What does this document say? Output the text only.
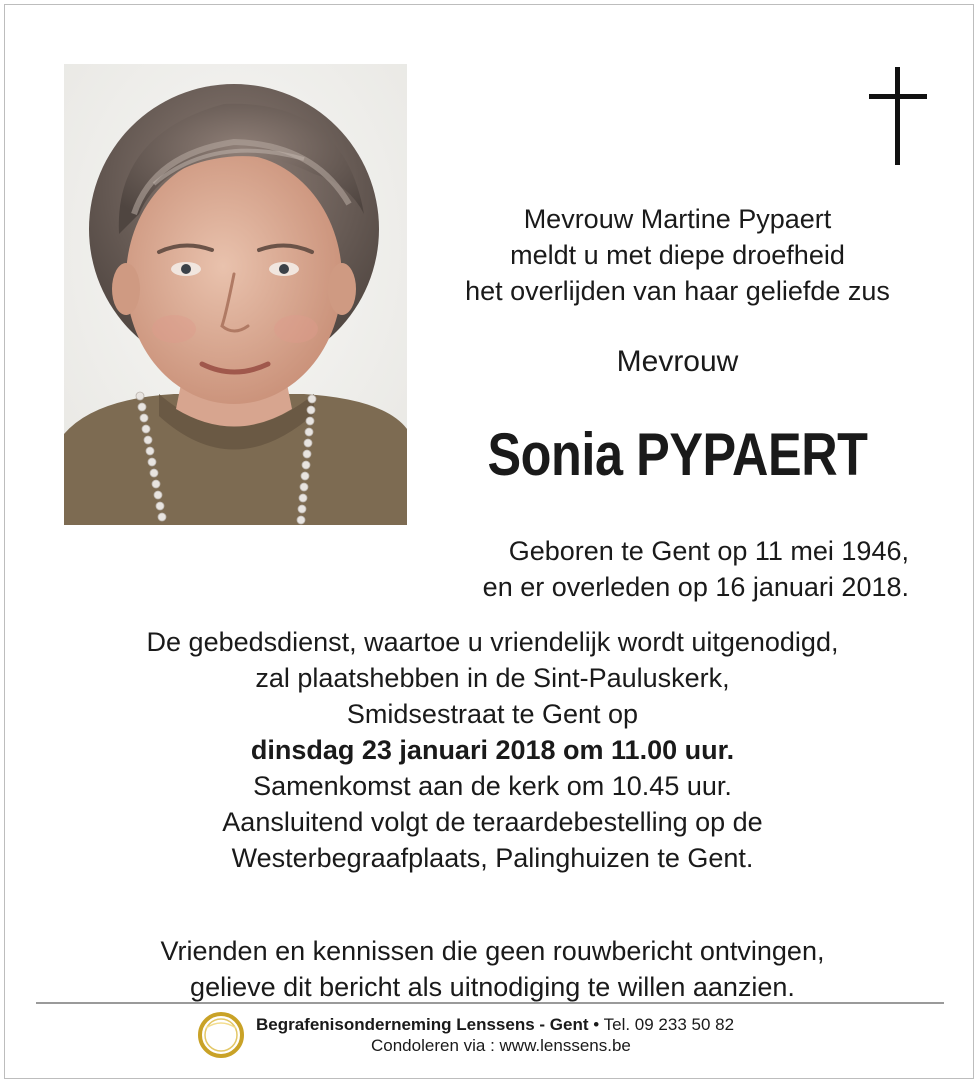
Mevrouw Martine Pypaert
meldt u met diepe droefheid
het overlijden van haar geliefde zus
Mevrouw
Sonia PYPAERT
Geboren te Gent op 11 mei 1946,
en er overleden op 16 januari 2018.
De gebedsdienst, waartoe u vriendelijk wordt uitgenodigd,
zal plaatshebben in de Sint-Pauluskerk,
Smidsestraat te Gent op
dinsdag 23 januari 2018 om 11.00 uur.
Samenkomst aan de kerk om 10.45 uur.
Aansluitend volgt de teraardebestelling op de
Westerbegraafplaats, Palinghuizen te Gent.
Vrienden en kennissen die geen rouwbericht ontvingen,
gelieve dit bericht als uitnodiging te willen aanzien.
Begrafenisonderneming Lenssens - Gent • Tel. 09 233 50 82
Condoleren via : www.lenssens.be
